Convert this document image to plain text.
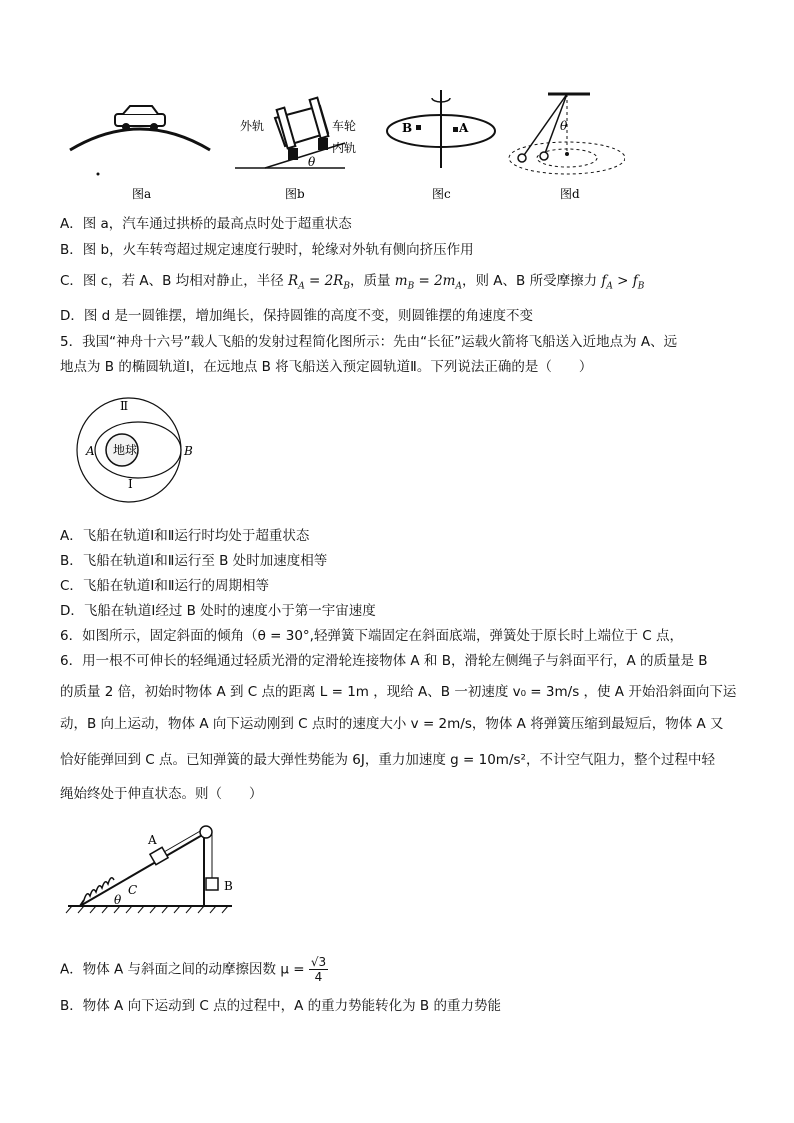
图a
外轨	车轮
内轨
θ
图b
B	A
图c
θ
图d
A．图 a，汽车通过拱桥的最高点时处于超重状态
B．图 b，火车转弯超过规定速度行驶时，轮缘对外轨有侧向挤压作用
C．图 c，若 A、B 均相对静止，半径 $R_A = 2R_B$，质量 $m_B = 2m_A$，则 A、B 所受摩擦力 $f_A > f_B$
D．图 d 是一圆锥摆，增加绳长，保持圆锥的高度不变，则圆锥摆的角速度不变
5．我国“神舟十六号”载人飞船的发射过程简化图所示：先由“长征”运载火箭将飞船送入近地点为 A、远
地点为 B 的椭圆轨道Ⅰ，在远地点 B 将飞船送入预定圆轨道Ⅱ。下列说法正确的是（　　）
地球
Ⅱ
Ⅰ
A	B
A．飞船在轨道Ⅰ和Ⅱ运行时均处于超重状态
B．飞船在轨道Ⅰ和Ⅱ运行至 B 处时加速度相等
C．飞船在轨道Ⅰ和Ⅱ运行的周期相等
D．飞船在轨道Ⅰ经过 B 处时的速度小于第一宇宙速度
6．如图所示，固定斜面的倾角（θ = 30°,轻弹簧下端固定在斜面底端，弹簧处于原长时上端位于 C 点，
6．用一根不可伸长的轻绳通过轻质光滑的定滑轮连接物体 A 和 B，滑轮左侧绳子与斜面平行，A 的质量是 B
的质量 2 倍，初始时物体 A 到 C 点的距离 L = 1m ，现给 A、B 一初速度 v₀ = 3m/s ，使 A 开始沿斜面向下运
动，B 向上运动，物体 A 向下运动刚到 C 点时的速度大小 v = 2m/s，物体 A 将弹簧压缩到最短后，物体 A 又
恰好能弹回到 C 点。已知弹簧的最大弹性势能为 6J，重力加速度 g = 10m/s²，不计空气阻力，整个过程中轻
绳始终处于伸直状态。则（　　）
A
B
C
θ
A．物体 A 与斜面之间的动摩擦因数 $\mu = \frac{√3}{4}$
B．物体 A 向下运动到 C 点的过程中，A 的重力势能转化为 B 的重力势能
